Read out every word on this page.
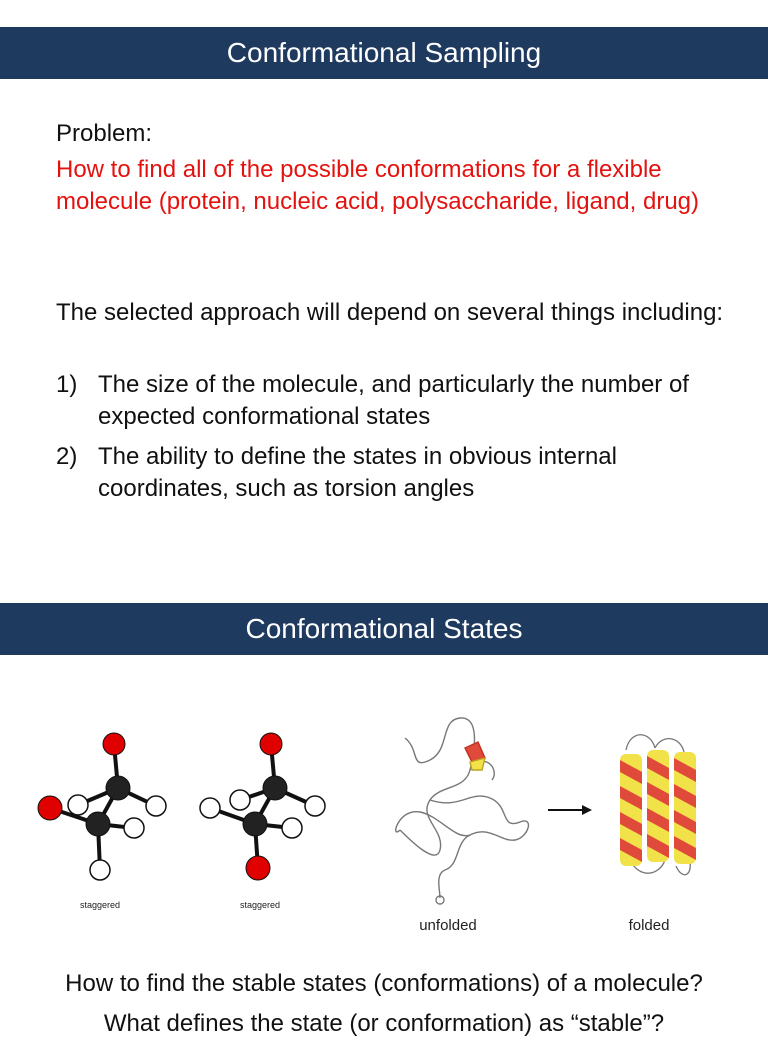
Conformational Sampling
Problem:
How to find all of the possible conformations for a flexible molecule (protein, nucleic acid, polysaccharide, ligand, drug)
The selected approach will depend on several things including:
1) The size of the molecule, and particularly the number of expected conformational states
2) The ability to define the states in obvious internal coordinates, such as torsion angles
Conformational States
staggered	staggered
unfolded	folded
How to find the stable states (conformations) of a molecule?
What defines the state (or conformation) as “stable”?
